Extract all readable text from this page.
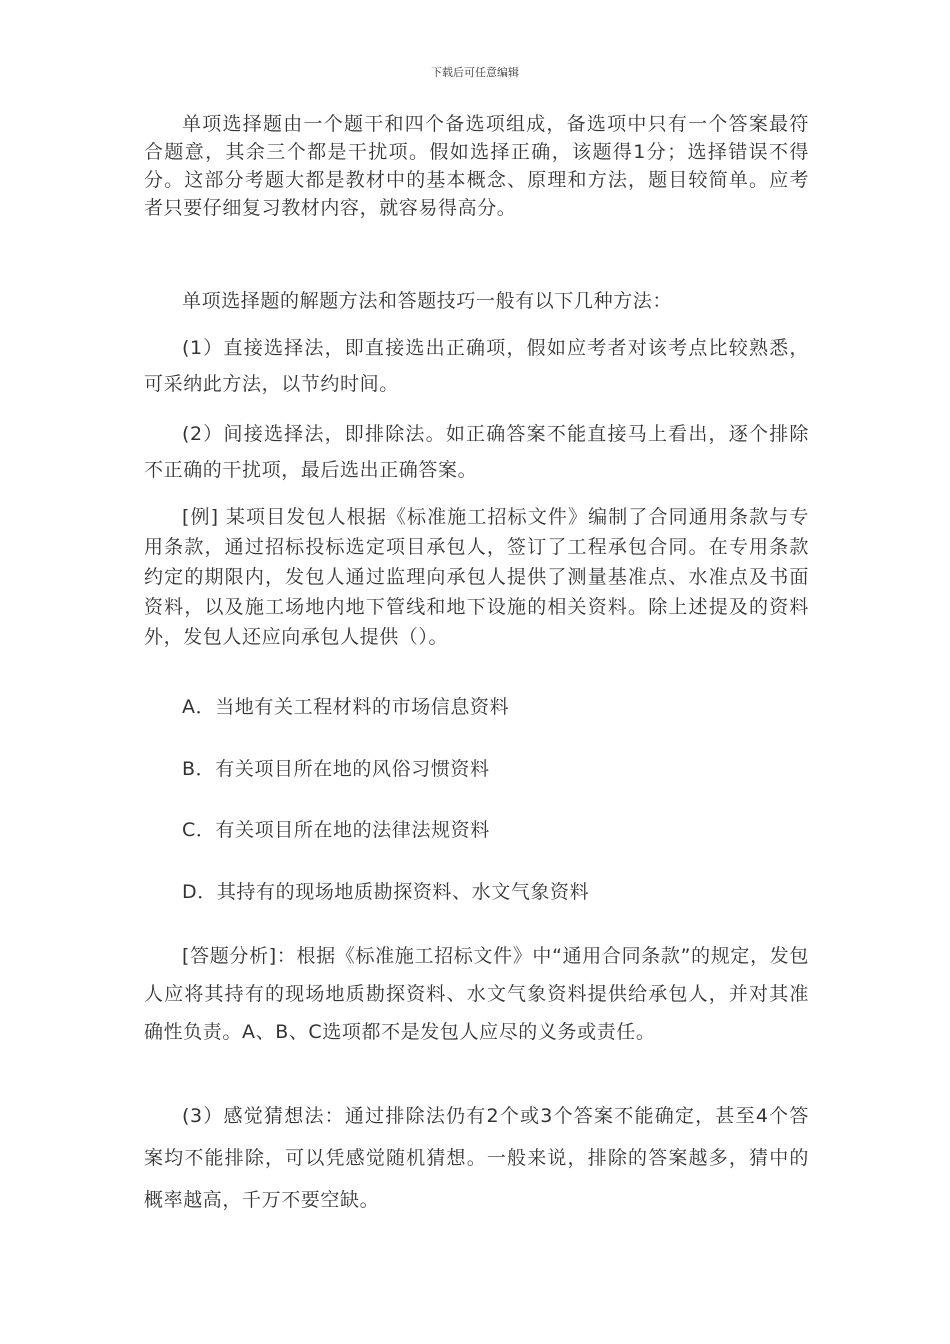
下载后可任意编辑

单项选择题由一个题干和四个备选项组成，备选项中只有一个答案最符合题意，其余三个都是干扰项。假如选择正确，该题得1分；选择错误不得分。这部分考题大都是教材中的基本概念、原理和方法，题目较简单。应考者只要仔细复习教材内容，就容易得高分。

单项选择题的解题方法和答题技巧一般有以下几种方法：

(1）直接选择法，即直接选出正确项，假如应考者对该考点比较熟悉，可采纳此方法，以节约时间。

(2）间接选择法，即排除法。如正确答案不能直接马上看出，逐个排除不正确的干扰项，最后选出正确答案。

[例] 某项目发包人根据《标准施工招标文件》编制了合同通用条款与专用条款，通过招标投标选定项目承包人，签订了工程承包合同。在专用条款约定的期限内，发包人通过监理向承包人提供了测量基准点、水准点及书面资料，以及施工场地内地下管线和地下设施的相关资料。除上述提及的资料外，发包人还应向承包人提供（）。

A．当地有关工程材料的市场信息资料
B．有关项目所在地的风俗习惯资料
C．有关项目所在地的法律法规资料
D．其持有的现场地质勘探资料、水文气象资料

[答题分析]：根据《标准施工招标文件》中“通用合同条款”的规定，发包人应将其持有的现场地质勘探资料、水文气象资料提供给承包人，并对其准确性负责。A、B、C选项都不是发包人应尽的义务或责任。

(3）感觉猜想法：通过排除法仍有2个或3个答案不能确定，甚至4个答案均不能排除，可以凭感觉随机猜想。一般来说，排除的答案越多，猜中的概率越高，千万不要空缺。
